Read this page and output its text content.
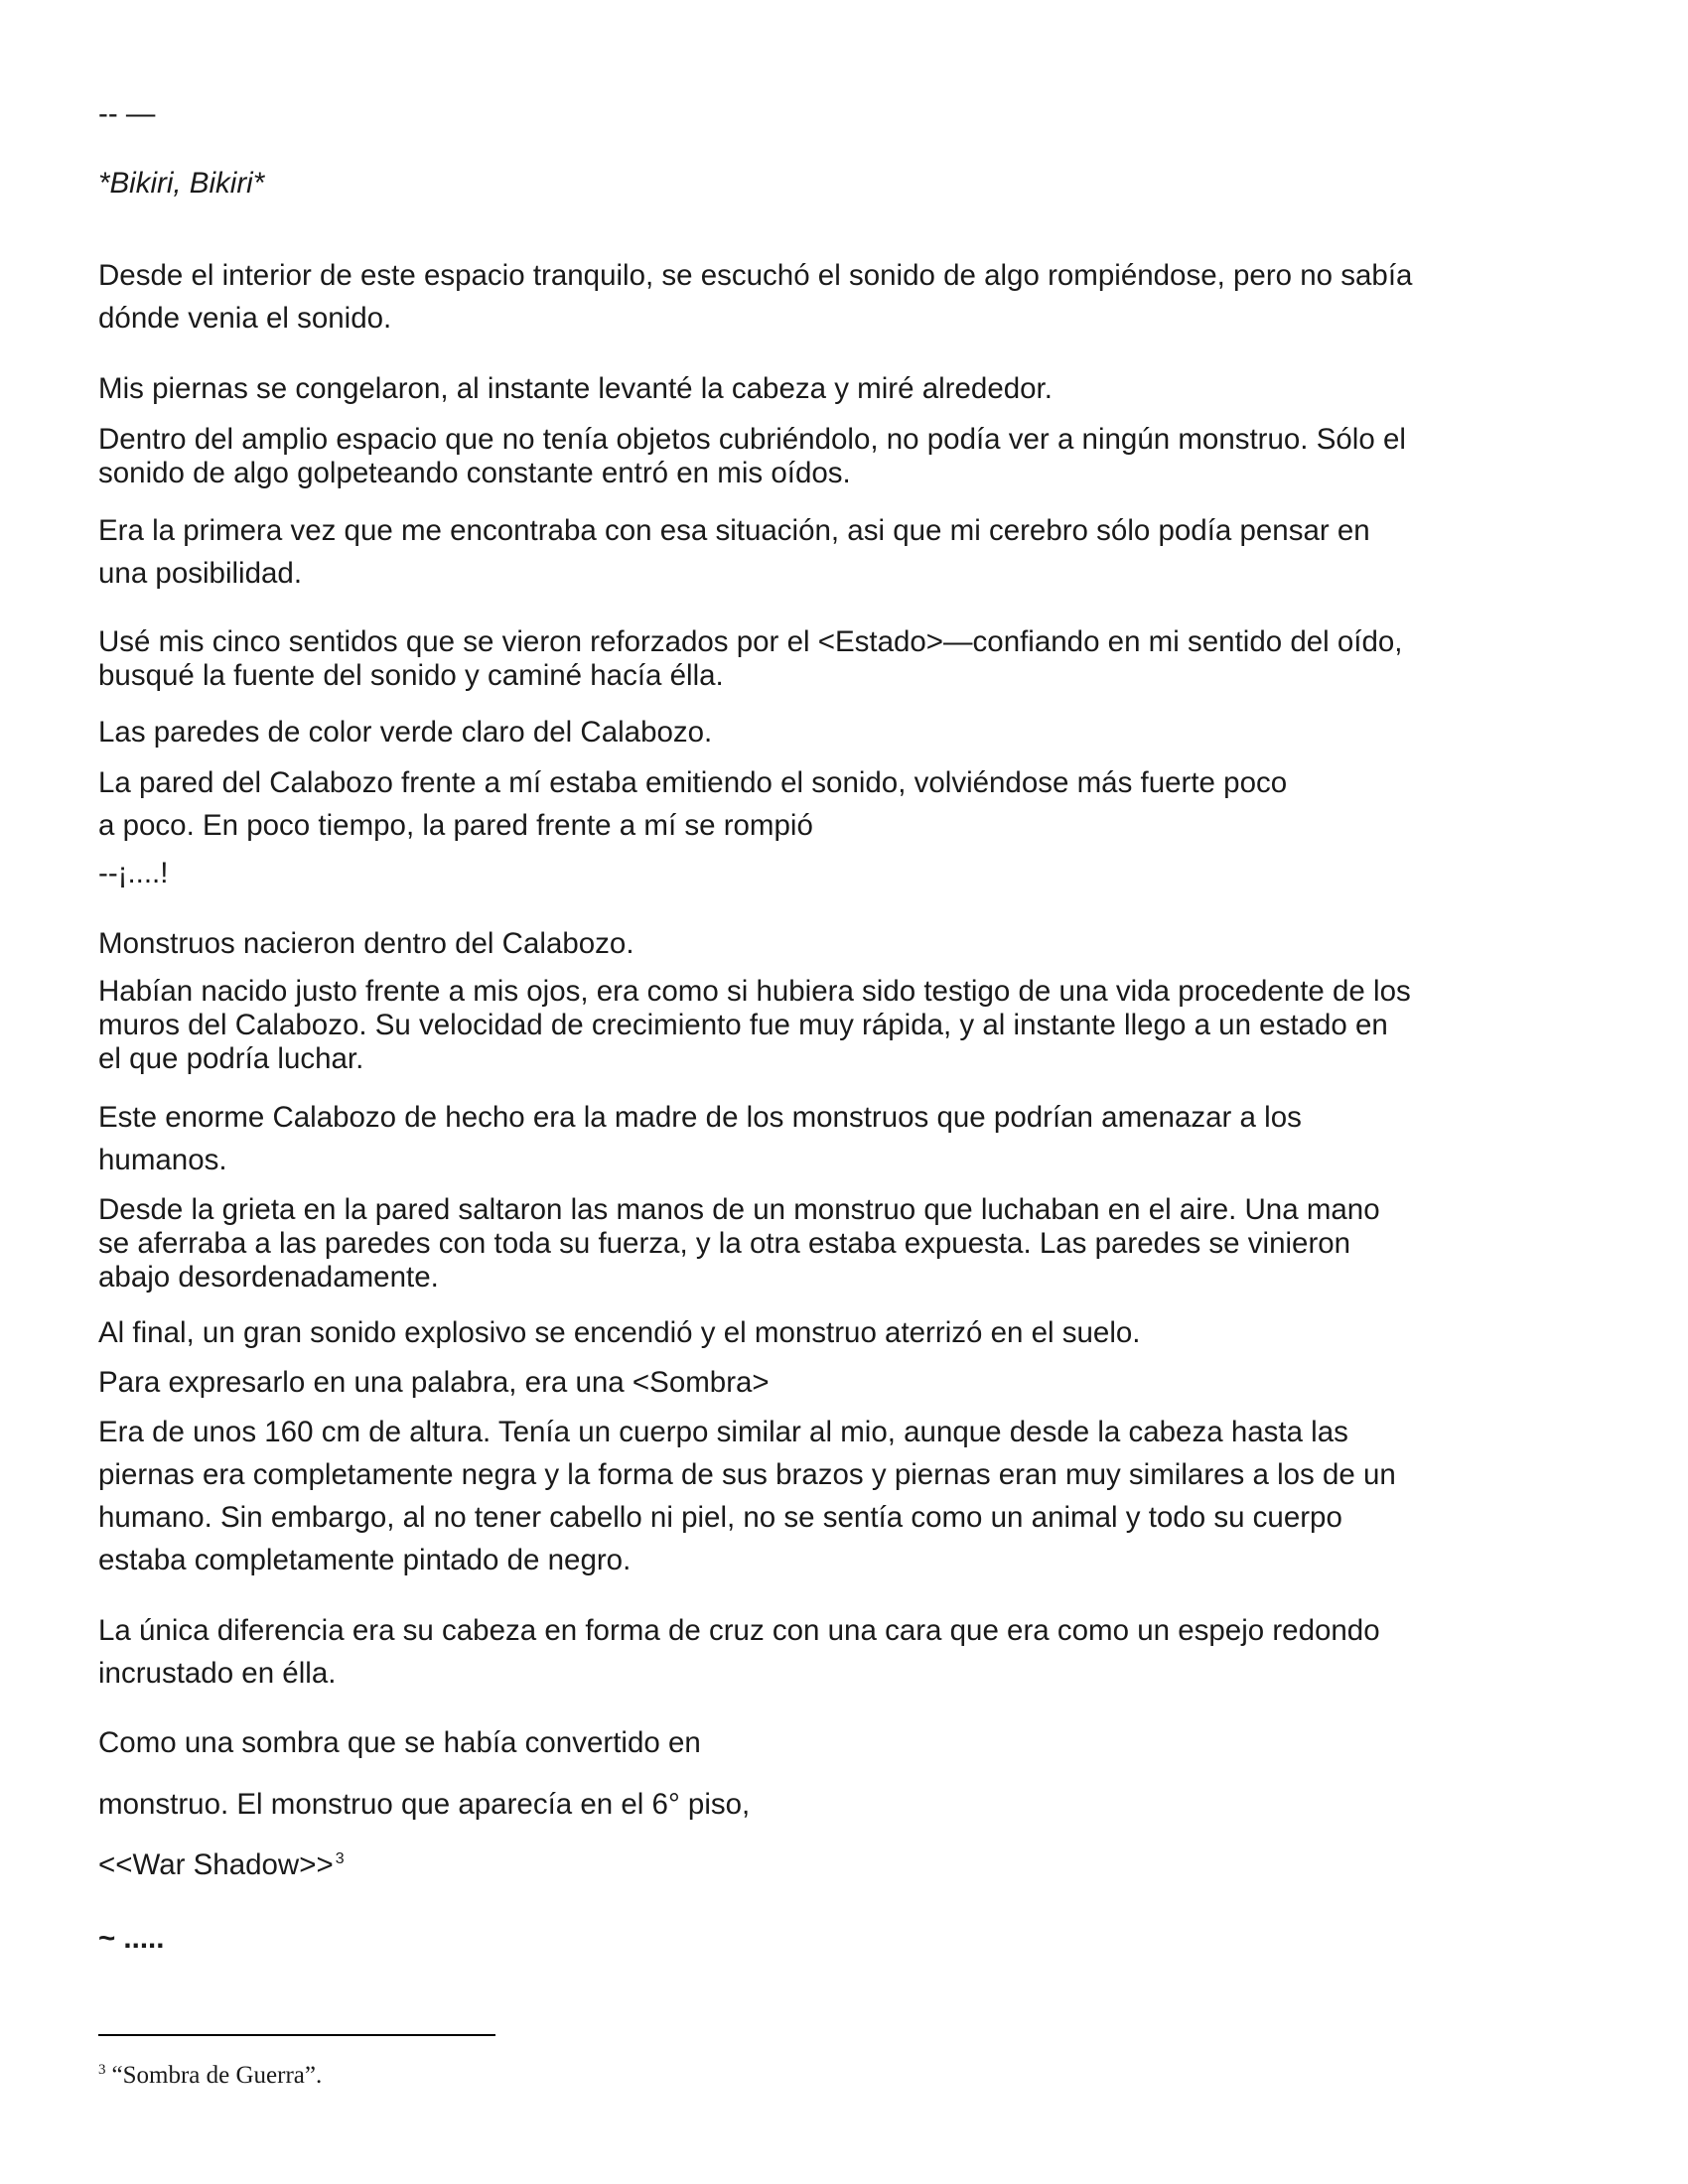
-- —
*Bikiri, Bikiri*
Desde el interior de este espacio tranquilo, se escuchó el sonido de algo rompiéndose, pero no sabía
dónde venia el sonido.
Mis piernas se congelaron, al instante levanté la cabeza y miré alrededor.
Dentro del amplio espacio que no tenía objetos cubriéndolo, no podía ver a ningún monstruo. Sólo el
sonido de algo golpeteando constante entró en mis oídos.
Era la primera vez que me encontraba con esa situación, asi que mi cerebro sólo podía pensar en
una posibilidad.
Usé mis cinco sentidos que se vieron reforzados por el <Estado>—confiando en mi sentido del oído,
busqué la fuente del sonido y caminé hacía élla.
Las paredes de color verde claro del Calabozo.
La pared del Calabozo frente a mí estaba emitiendo el sonido, volviéndose más fuerte poco
a poco. En poco tiempo, la pared frente a mí se rompió
--¡....!
Monstruos nacieron dentro del Calabozo.
Habían nacido justo frente a mis ojos, era como si hubiera sido testigo de una vida procedente de los
muros del Calabozo. Su velocidad de crecimiento fue muy rápida, y al instante llego a un estado en
el que podría luchar.
Este enorme Calabozo de hecho era la madre de los monstruos que podrían amenazar a los
humanos.
Desde la grieta en la pared saltaron las manos de un monstruo que luchaban en el aire. Una mano
se aferraba a las paredes con toda su fuerza, y la otra estaba expuesta. Las paredes se vinieron
abajo desordenadamente.
Al final, un gran sonido explosivo se encendió y el monstruo aterrizó en el suelo.
Para expresarlo en una palabra, era una <Sombra>
Era de unos 160 cm de altura. Tenía un cuerpo similar al mio, aunque desde la cabeza hasta las
piernas era completamente negra y la forma de sus brazos y piernas eran muy similares a los de un
humano. Sin embargo, al no tener cabello ni piel, no se sentía como un animal y todo su cuerpo
estaba completamente pintado de negro.
La única diferencia era su cabeza en forma de cruz con una cara que era como un espejo redondo
incrustado en élla.
Como una sombra que se había convertido en
monstruo. El monstruo que aparecía en el 6° piso,
<<War Shadow>> $^3$
~ .....
$^3$ “Sombra de Guerra”.
